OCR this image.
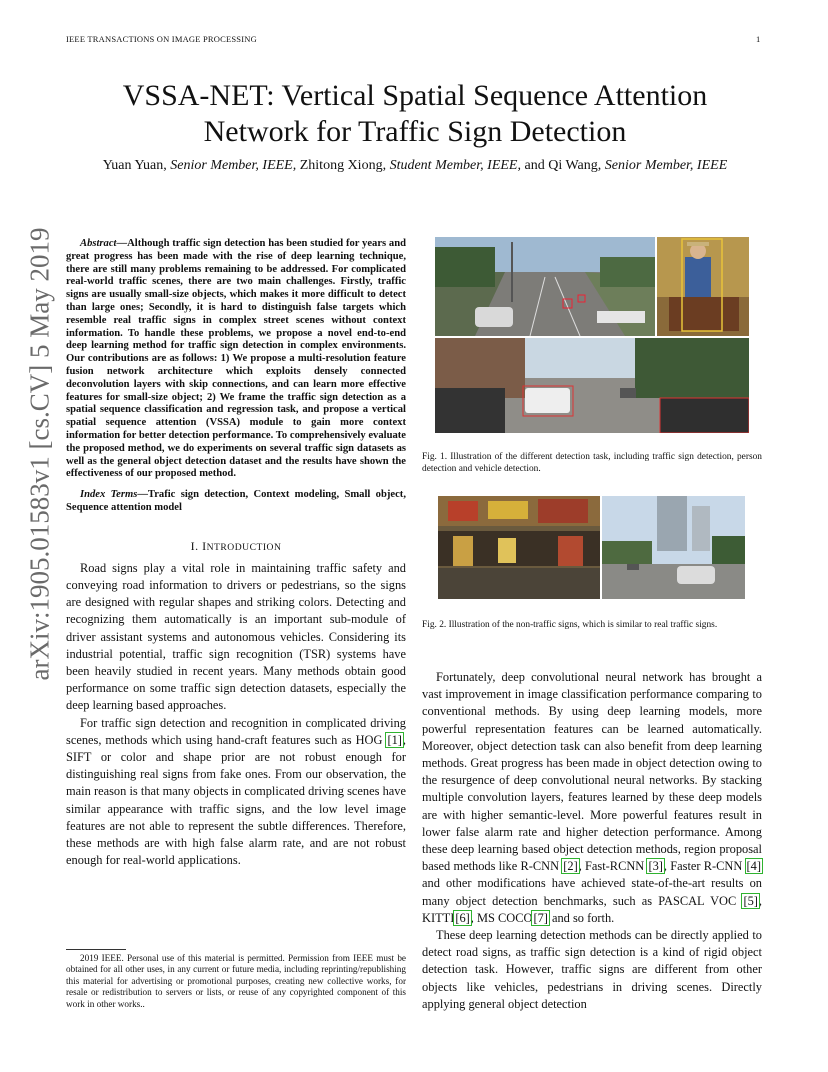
IEEE TRANSACTIONS ON IMAGE PROCESSING	1
arXiv:1905.01583v1 [cs.CV] 5 May 2019
VSSA-NET: Vertical Spatial Sequence Attention Network for Traffic Sign Detection
Yuan Yuan, Senior Member, IEEE, Zhitong Xiong, Student Member, IEEE, and Qi Wang, Senior Member, IEEE

Abstract—Although traffic sign detection has been studied for years and great progress has been made with the rise of deep learning technique, there are still many problems remaining to be addressed. For complicated real-world traffic scenes, there are two main challenges. Firstly, traffic signs are usually small-size objects, which makes it more difficult to detect than large ones; Secondly, it is hard to distinguish false targets which resemble real traffic signs in complex street scenes without context information. To handle these problems, we propose a novel end-to-end deep learning method for traffic sign detection in complex environments. Our contributions are as follows: 1) We propose a multi-resolution feature fusion network architecture which exploits densely connected deconvolution layers with skip connections, and can learn more effective features for small-size object; 2) We frame the traffic sign detection as a spatial sequence classification and regression task, and propose a vertical spatial sequence attention (VSSA) module to gain more context information for better detection performance. To comprehensively evaluate the proposed method, we do experiments on several traffic sign datasets as well as the general object detection dataset and the results have shown the effectiveness of our proposed method.

Index Terms—Trafic sign detection, Context modeling, Small object, Sequence attention model

I. INTRODUCTION

Road signs play a vital role in maintaining traffic safety and conveying road information to drivers or pedestrians, so the signs are designed with regular shapes and striking colors. Detecting and recognizing them automatically is an important sub-module of driver assistant systems and autonomous vehicles. Considering its industrial potential, traffic sign recognition (TSR) systems have been heavily studied in recent years. Many methods obtain good performance on some traffic sign detection datasets, especially the deep learning based approaches.

For traffic sign detection and recognition in complicated driving scenes, methods which using hand-craft features such as HOG [1], SIFT or color and shape prior are not robust enough for distinguishing real signs from fake ones. From our observation, the main reason is that many objects in complicated driving scenes have similar appearance with traffic signs, and the low level image features are not able to represent the subtle differences. Therefore, these methods are with high false alarm rate, and are not robust enough for real-world applications.

2019 IEEE. Personal use of this material is permitted. Permission from IEEE must be obtained for all other uses, in any current or future media, including reprinting/republishing this material for advertising or promotional purposes, creating new collective works, for resale or redistribution to servers or lists, or reuse of any copyrighted component of this work in other works..

Fig. 1. Illustration of the different detection task, including traffic sign detection, person detection and vehicle detection.
Fig. 2. Illustration of the non-traffic signs, which is similar to real traffic signs.

Fortunately, deep convolutional neural network has brought a vast improvement in image classification performance comparing to conventional methods. By using deep learning models, more powerful representation features can be learned automatically. Moreover, object detection task can also benefit from deep learning methods. Great progress has been made in object detection owing to the resurgence of deep convolutional neural networks. By stacking multiple convolution layers, features learned by these deep models are with higher semantic-level. More powerful features result in lower false alarm rate and higher detection performance. Among these deep learning based object detection methods, region proposal based methods like R-CNN [2], Fast-RCNN [3], Faster R-CNN [4] and other modifications have achieved state-of-the-art results on many object detection benchmarks, such as PASCAL VOC [5], KITTI[6], MS COCO[7] and so forth.

These deep learning detection methods can be directly applied to detect road signs, as traffic sign detection is a kind of rigid object detection task. However, traffic signs are different from other objects like vehicles, pedestrians in driving scenes. Directly applying general object detection
